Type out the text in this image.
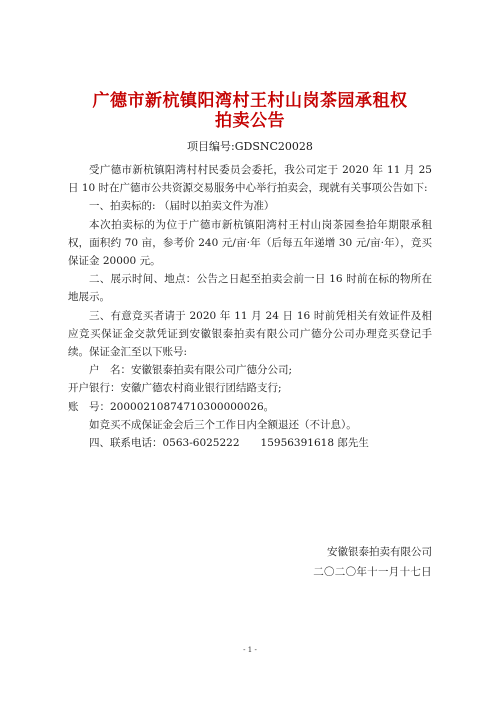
广德市新杭镇阳湾村王村山岗茶园承租权
拍卖公告
项目编号:GDSNC20028

受广德市新杭镇阳湾村村民委员会委托，我公司定于 2020 年 11 月 25 日 10 时在广德市公共资源交易服务中心举行拍卖会，现就有关事项公告如下:

一、拍卖标的: （届时以拍卖文件为准）

本次拍卖标的为位于广德市新杭镇阳湾村王村山岗茶园叁拾年期限承租权，面积约 70 亩，参考价 240 元/亩·年（后每五年递增 30 元/亩·年），竞买保证金 20000 元。

二、展示时间、地点：公告之日起至拍卖会前一日 16 时前在标的物所在地展示。

三、有意竞买者请于 2020 年 11 月 24 日 16 时前凭相关有效证件及相应竞买保证金交款凭证到安徽银泰拍卖有限公司广德分公司办理竞买登记手续。保证金汇至以下账号:

户　名：安徽银泰拍卖有限公司广德分公司;

开户银行：安徽广德农村商业银行团结路支行;

账　号：20000210874710300000026。

如竞买不成保证金会后三个工作日内全额退还（不计息）。

四、联系电话：0563-6025222　　15956391618 郎先生

安徽银泰拍卖有限公司
二〇二〇年十一月十七日
- 1 -
